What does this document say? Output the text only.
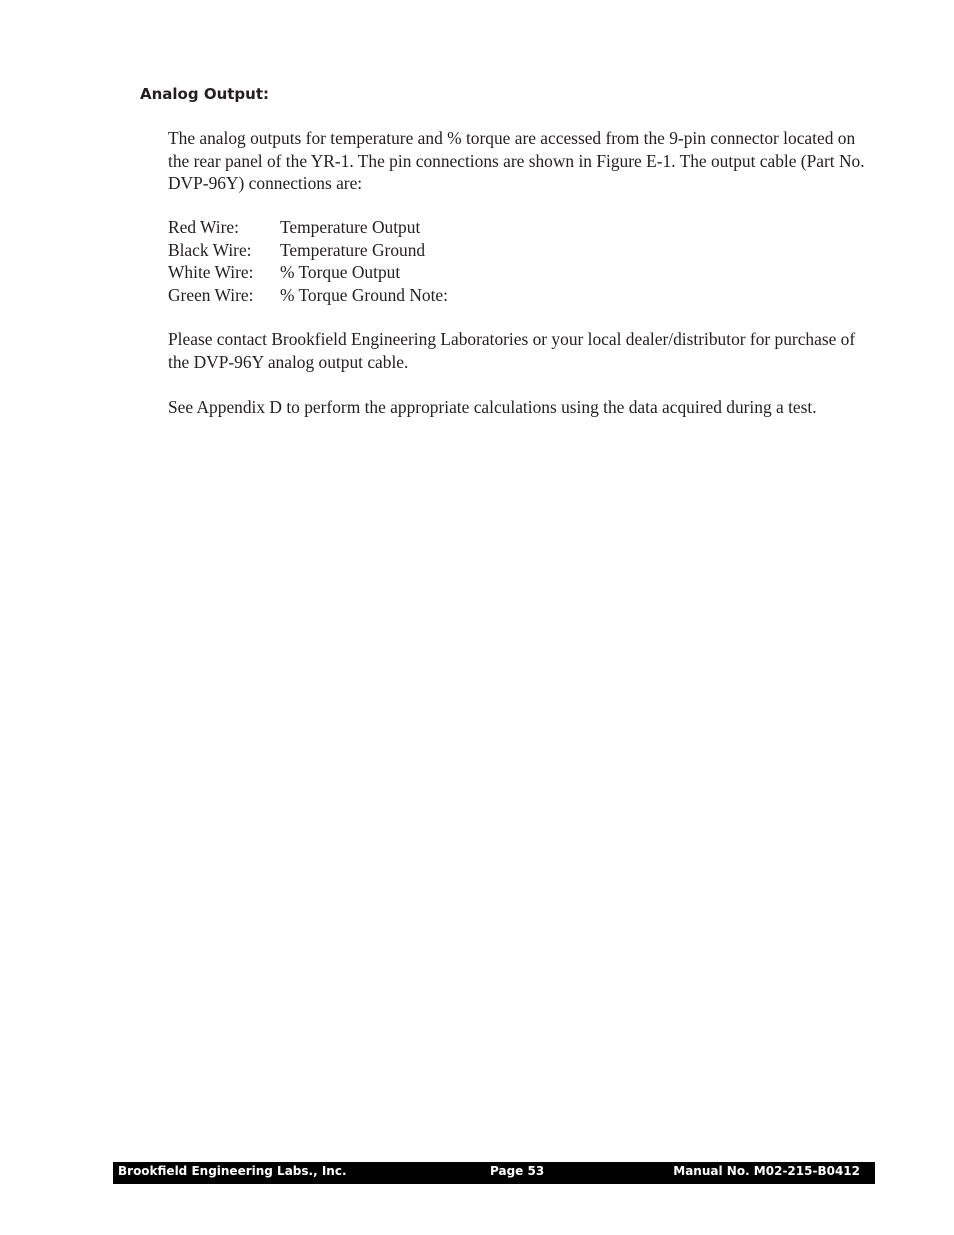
Analog Output:

The analog outputs for temperature and % torque are accessed from the 9-pin connector located on the rear panel of the YR-1. The pin connections are shown in Figure E-1. The output cable (Part No. DVP-96Y) connections are:

Red Wire:	Temperature Output
Black Wire:	Temperature Ground
White Wire:	% Torque Output
Green Wire:	% Torque Ground Note:

Please contact Brookfield Engineering Laboratories or your local dealer/distributor for purchase of the DVP-96Y analog output cable.

See Appendix D to perform the appropriate calculations using the data acquired during a test.

Brookfield Engineering Labs., Inc.	Page 53	Manual No. M02-215-B0412
